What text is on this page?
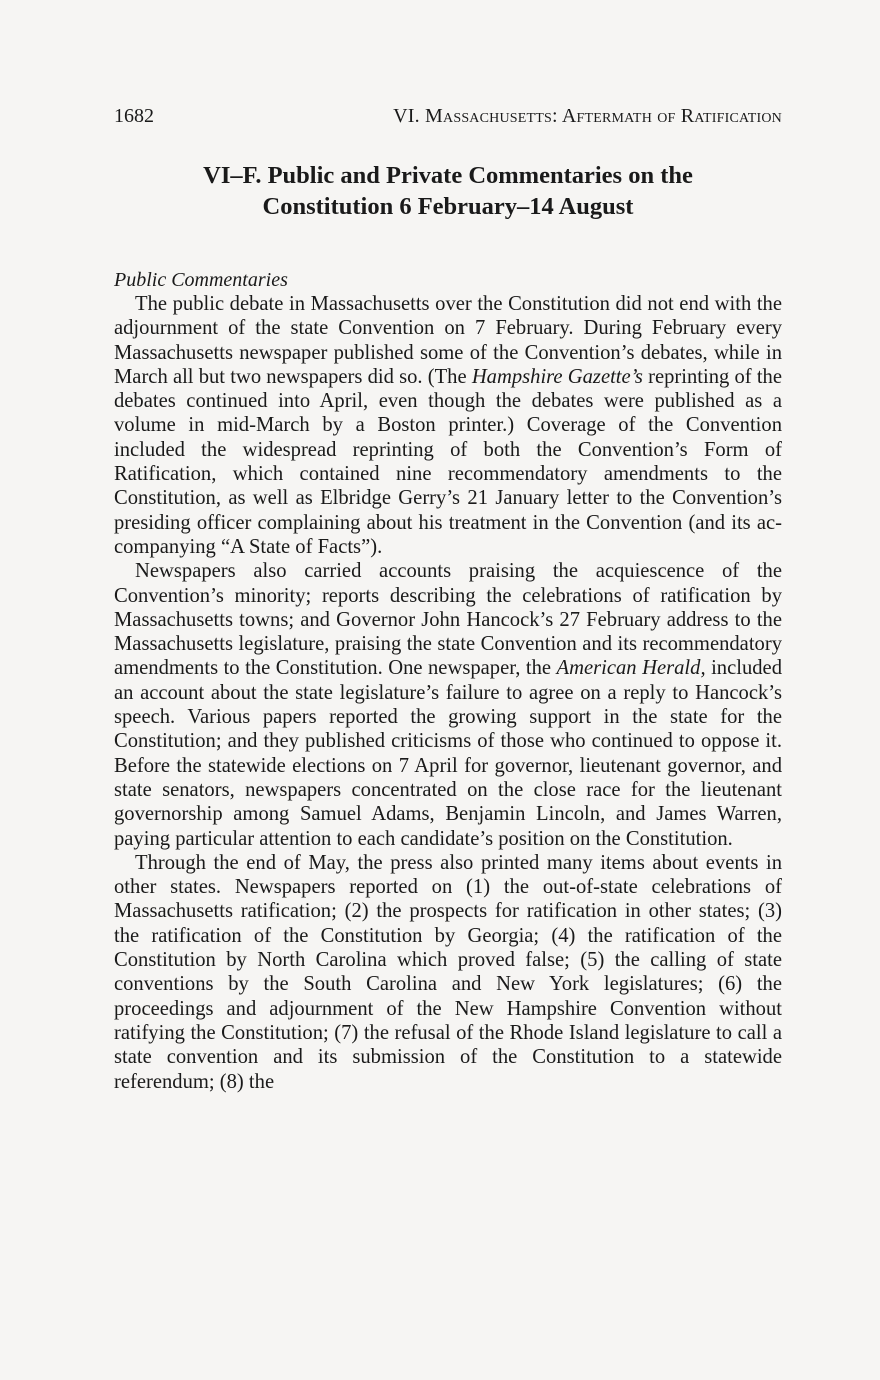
1682	VI. Massachusetts: Aftermath of Ratification
VI–F. Public and Private Commentaries on the
Constitution 6 February–14 August
Public Commentaries

The public debate in Massachusetts over the Constitution did not end with the adjournment of the state Convention on 7 February. During February every Massachusetts newspaper published some of the Convention’s debates, while in March all but two newspapers did so. (The Hampshire Gazette’s reprinting of the debates continued into April, even though the debates were published as a volume in mid-March by a Boston printer.) Coverage of the Convention included the widespread reprinting of both the Convention’s Form of Ratification, which contained nine recommendatory amendments to the Constitution, as well as Elbridge Gerry’s 21 January letter to the Convention’s presiding officer complaining about his treatment in the Convention (and its accompanying “A State of Facts”).

Newspapers also carried accounts praising the acquiescence of the Convention’s minority; reports describing the celebrations of ratification by Massachusetts towns; and Governor John Hancock’s 27 February address to the Massachusetts legislature, praising the state Convention and its recommendatory amendments to the Constitution. One newspaper, the American Herald, included an account about the state legislature’s failure to agree on a reply to Hancock’s speech. Various papers reported the growing support in the state for the Constitution; and they published criticisms of those who continued to oppose it. Before the statewide elections on 7 April for governor, lieutenant governor, and state senators, newspapers concentrated on the close race for the lieutenant governorship among Samuel Adams, Benjamin Lincoln, and James Warren, paying particular attention to each candidate’s position on the Constitution.

Through the end of May, the press also printed many items about events in other states. Newspapers reported on (1) the out-of-state celebrations of Massachusetts ratification; (2) the prospects for ratification in other states; (3) the ratification of the Constitution by Georgia; (4) the ratification of the Constitution by North Carolina which proved false; (5) the calling of state conventions by the South Carolina and New York legislatures; (6) the proceedings and adjournment of the New Hampshire Convention without ratifying the Constitution; (7) the refusal of the Rhode Island legislature to call a state convention and its submission of the Constitution to a statewide referendum; (8) the
